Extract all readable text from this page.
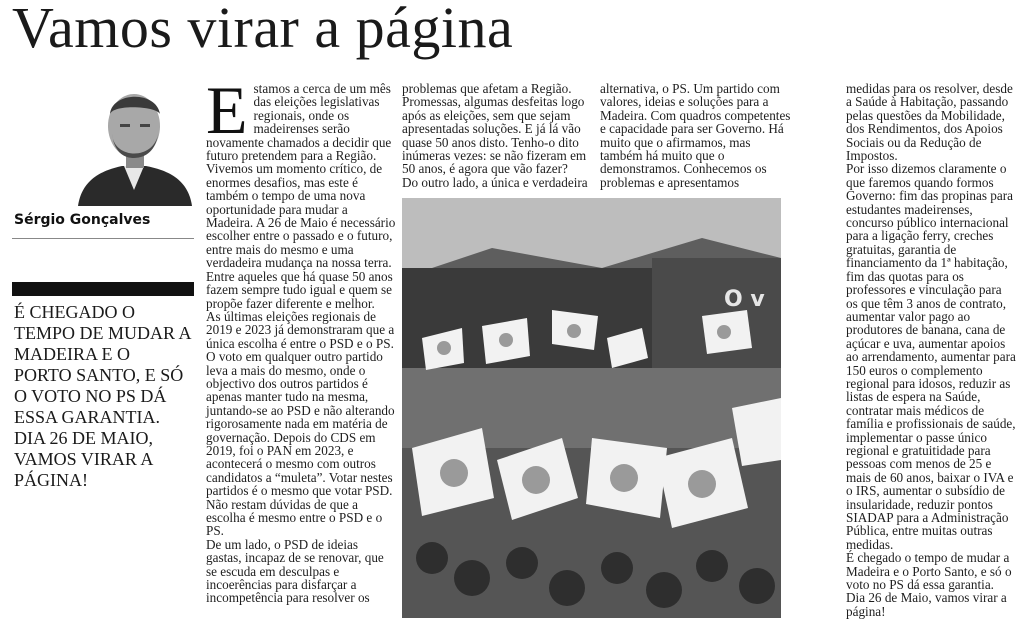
Vamos virar a página
Sérgio Gonçalves
É CHEGADO O TEMPO DE MUDAR A MADEIRA E O PORTO SANTO, E SÓ O VOTO NO PS DÁ ESSA GARANTIA. DIA 26 DE MAIO, VAMOS VIRAR A PÁGINA!

Estamos a cerca de um mês das eleições legislativas regionais, onde os madeirenses serão novamente chamados a decidir que futuro pretendem para a Região.

Vivemos um momento crítico, de enormes desafios, mas este é também o tempo de uma nova oportunidade para mudar a Madeira. A 26 de Maio é necessário escolher entre o passado e o futuro, entre mais do mesmo e uma verdadeira mudança na nossa terra. Entre aqueles que há quase 50 anos fazem sempre tudo igual e quem se propõe fazer diferente e melhor.

As últimas eleições regionais de 2019 e 2023 já demonstraram que a única escolha é entre o PSD e o PS. O voto em qualquer outro partido leva a mais do mesmo, onde o objectivo dos outros partidos é apenas manter tudo na mesma, juntando-se ao PSD e não alterando rigorosamente nada em matéria de governação. Depois do CDS em 2019, foi o PAN em 2023, e acontecerá o mesmo com outros candidatos a “muleta”. Votar nestes partidos é o mesmo que votar PSD. Não restam dúvidas de que a escolha é mesmo entre o PSD e o PS.

De um lado, o PSD de ideias gastas, incapaz de se renovar, que se escuda em desculpas e incoerências para disfarçar a incompetência para resolver os

problemas que afetam a Região. Promessas, algumas desfeitas logo após as eleições, sem que sejam apresentadas soluções. E já lá vão quase 50 anos disto. Tenho-o dito inúmeras vezes: se não fizeram em 50 anos, é agora que vão fazer?

Do outro lado, a única e verdadeira

alternativa, o PS. Um partido com valores, ideias e soluções para a Madeira. Com quadros competentes e capacidade para ser Governo. Há muito que o afirmamos, mas também há muito que o demonstramos. Conhecemos os problemas e apresentamos

medidas para os resolver, desde a Saúde à Habitação, passando pelas questões da Mobilidade, dos Rendimentos, dos Apoios Sociais ou da Redução de Impostos.

Por isso dizemos claramente o que faremos quando formos Governo: fim das propinas para estudantes madeirenses, concurso público internacional para a ligação ferry, creches gratuitas, garantia de financiamento da 1ª habitação, fim das quotas para os professores e vinculação para os que têm 3 anos de contrato, aumentar valor pago ao produtores de banana, cana de açúcar e uva, aumentar apoios ao arrendamento, aumentar para 150 euros o complemento regional para idosos, reduzir as listas de espera na Saúde, contratar mais médicos de família e profissionais de saúde, implementar o passe único regional e gratuitidade para pessoas com menos de 25 e mais de 60 anos, baixar o IVA e o IRS, aumentar o subsídio de insularidade, reduzir pontos SIADAP para a Administração Pública, entre muitas outras medidas.

É chegado o tempo de mudar a Madeira e o Porto Santo, e só o voto no PS dá essa garantia. Dia 26 de Maio, vamos virar a página!

O v
